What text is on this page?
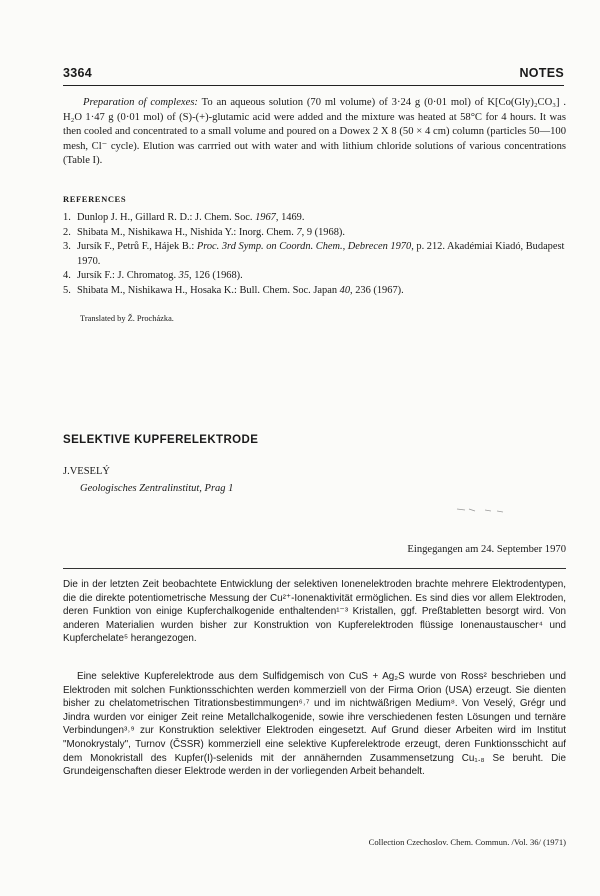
3364	NOTES

Preparation of complexes: To an aqueous solution (70 ml volume) of 3·24 g (0·01 mol) of K[Co(Gly)₂CO₃] . H₂O 1·47 g (0·01 mol) of (S)-(+)-glutamic acid were added and the mixture was heated at 58°C for 4 hours. It was then cooled and concentrated to a small volume and poured on a Dowex 2 X 8 (50 × 4 cm) column (particles 50—100 mesh, Cl⁻ cycle). Elution was carrried out with water and with lithium chloride solutions of various concentrations (Table I).

REFERENCES
1. Dunlop J. H., Gillard R. D.: J. Chem. Soc. 1967, 1469.
2. Shibata M., Nishikawa H., Nishida Y.: Inorg. Chem. 7, 9 (1968).
3. Jursík F., Petrů F., Hájek B.: Proc. 3rd Symp. on Coordn. Chem., Debrecen 1970, p. 212. Akadémiai Kiadó, Budapest 1970.
4. Jursík F.: J. Chromatog. 35, 126 (1968).
5. Shibata M., Nishikawa H., Hosaka K.: Bull. Chem. Soc. Japan 40, 236 (1967).
Translated by Ž. Procházka.
SELEKTIVE KUPFERELEKTRODE
J.VESELÝ
Geologisches Zentralinstitut, Prag 1
Eingegangen am 24. September 1970

Die in der letzten Zeit beobachtete Entwicklung der selektiven Ionenelektroden brachte mehrere Elektrodentypen, die die direkte potentiometrische Messung der Cu²⁺-Ionenaktivität ermöglichen. Es sind dies vor allem Elektroden, deren Funktion von einige Kupferchalkogenide enthaltenden¹⁻³ Kristallen, ggf. Preßtabletten besorgt wird. Von anderen Materialien wurden bisher zur Konstruktion von Kupferelektroden flüssige Ionenaustauscher⁴ und Kupferchelate⁵ herangezogen.

Eine selektive Kupferelektrode aus dem Sulfidgemisch von CuS + Ag₂S wurde von Ross² beschrieben und Elektroden mit solchen Funktionsschichten werden kommerziell von der Firma Orion (USA) erzeugt. Sie dienten bisher zu chelatometrischen Titrationsbestimmungen⁶˒⁷ und im nichtwäßrigen Medium⁸. Von Veselý, Grégr und Jindra wurden vor einiger Zeit reine Metallchalkogenide, sowie ihre verschiedenen festen Lösungen und ternäre Verbindungen³˒⁹ zur Konstruktion selektiver Elektroden eingesetzt. Auf Grund dieser Arbeiten wird im Institut "Monokrystaly", Turnov (ČSSR) kommerziell eine selektive Kupferelektrode erzeugt, deren Funktionsschicht auf dem Monokristall des Kupfer(I)-selenids mit der annähernden Zusammensetzung Cu₁.₈ Se beruht. Die Grundeigenschaften dieser Elektrode werden in der vorliegenden Arbeit behandelt.

Collection Czechoslov. Chem. Commun. /Vol. 36/ (1971)
